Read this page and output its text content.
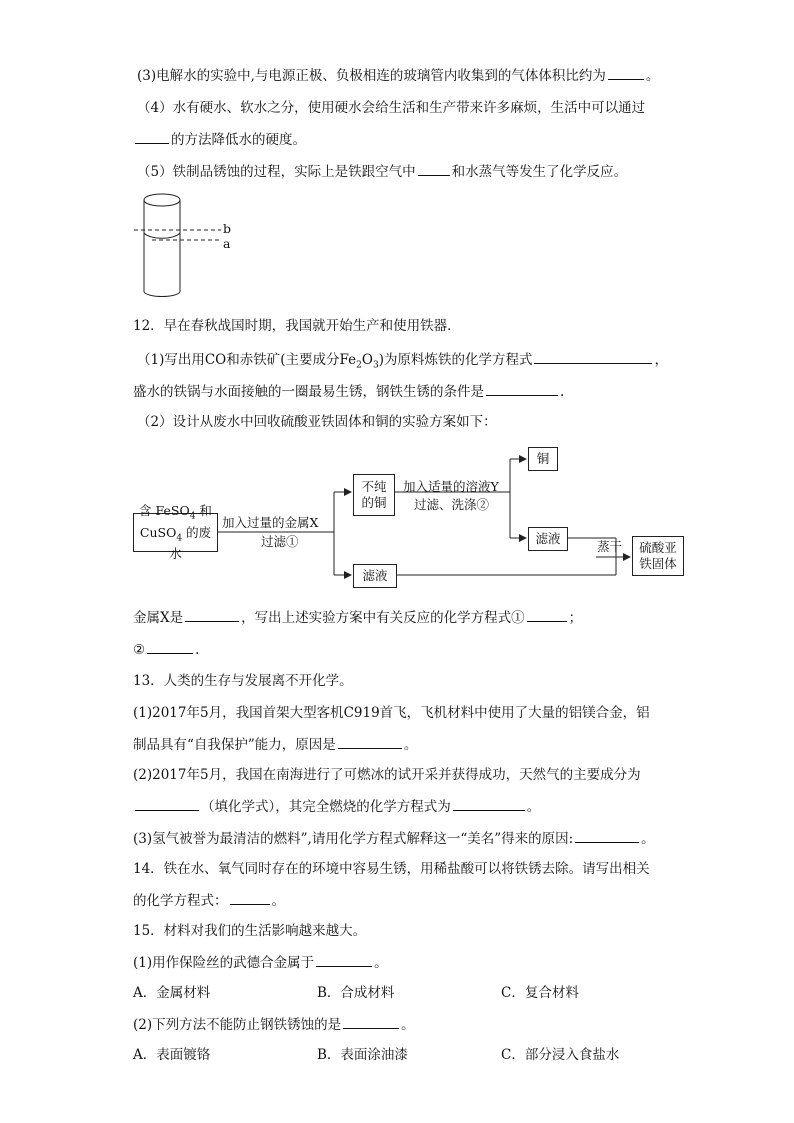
(3)电解水的实验中,与电源正极、负极相连的玻璃管内收集到的气体体积比约为	。
（4）水有硬水、软水之分，使用硬水会给生活和生产带来许多麻烦，生活中可以通过
的方法降低水的硬度。
（5）铁制品锈蚀的过程，实际上是铁跟空气中	和水蒸气等发生了化学反应。
b
a
12．早在春秋战国时期，我国就开始生产和使用铁器．
（1)写出用CO和赤铁矿(主要成分$Fe_2O_3$)为原料炼铁的化学方程式	，
盛水的铁锅与水面接触的一圈最易生锈，钢铁生锈的条件是	.
（2）设计从废水中回收硫酸亚铁固体和铜的实验方案如下：
含 FeSO$_4$ 和
CuSO$_4$ 的废水
加入过量的金属X
过滤①
不纯
的铜
加入适量的溶液Y
过滤、洗涤②
铜
滤液
滤液
蒸干 硫酸亚
铁固体
金属X是	，写出上述实验方案中有关反应的化学方程式①	；
②	.
13．人类的生存与发展离不开化学。
(1)2017年5月，我国首架大型客机C919首飞，飞机材料中使用了大量的铝镁合金，铝
制品具有“自我保护”能力，原因是	。
(2)2017年5月，我国在南海进行了可燃冰的试开采并获得成功，天然气的主要成分为
（填化学式），其完全燃烧的化学方程式为	。
(3)氢气被誉为最清洁的燃料”,请用化学方程式解释这一“美名”得来的原因:	。
14．铁在水、氧气同时存在的环境中容易生锈，用稀盐酸可以将铁锈去除。请写出相关
的化学方程式：	。
15．材料对我们的生活影响越来越大。
(1)用作保险丝的武德合金属于	。
A．金属材料	B．合成材料	C．复合材料
(2)下列方法不能防止钢铁锈蚀的是	。
A．表面镀铬	B．表面涂油漆	C．部分浸入食盐水
